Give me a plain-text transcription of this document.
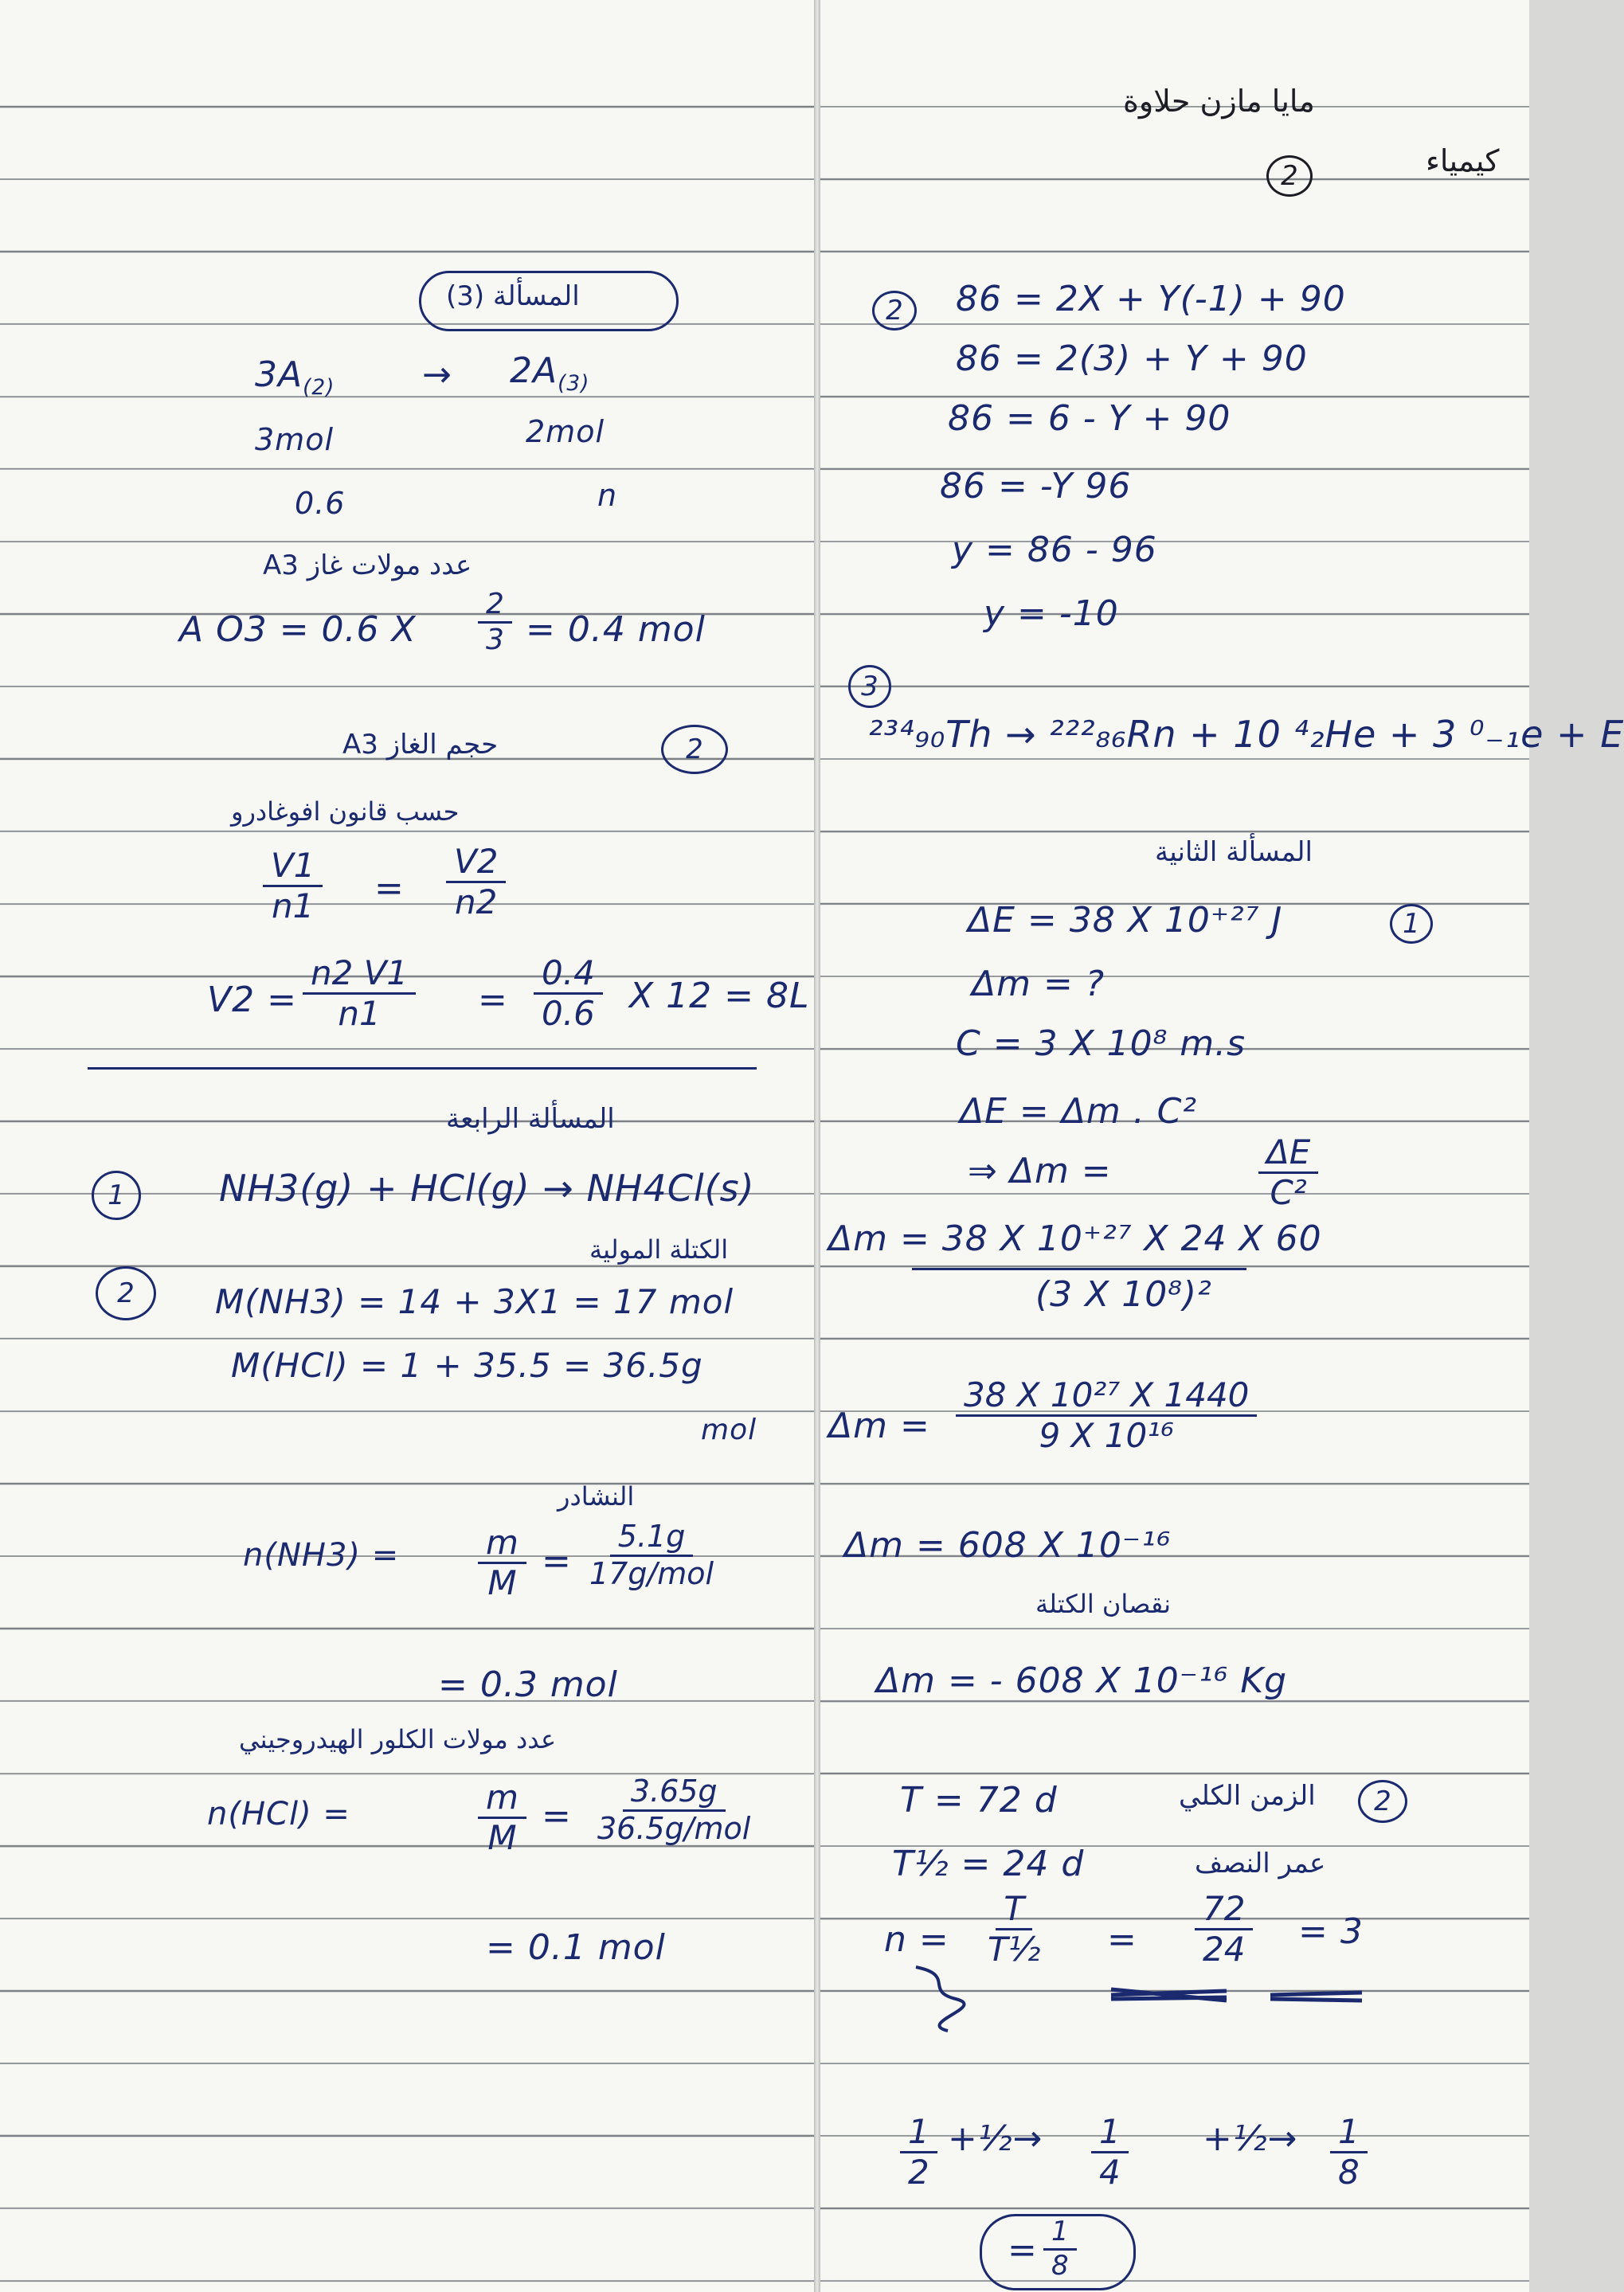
مايا مازن حلاوة
كيمياء
2
المسألة (3)
$3A_{(2)} \to 2A_{(3)}$
3mol	2mol
0.6	n
عدد مولات غاز A3
A O3 = 0.6 X $\frac{2}{3} = 0.4$ mol
حجم الغاز A3	2
حسب قانون افوغادرو
$\frac{V1}{n1} = \frac{V2}{n2}$
$V2 = \frac{n2 V1}{n1} = \frac{0.4}{0.6}$ X 12 = 8L
المسألة الرابعة
1	NH3(g) + HCl(g) → NH4Cl(s)
الكتلة المولية
2	M(NH3) = 14 + 3X1 = 17 mol
M(HCl) = 1 + 35.5 = 36.5g
mol
النشادر
$n(NH3) = \frac{m}{M}$ =
5.1g
17g/mol
= 0.3 mol
عدد مولات الكلور الهيدروجيني
n(HCl) =	$\frac{m}{M}$ =
3.65g
36.5g/mol
= 0.1 mol
2	86 = 2X + Y(-1) + 90
86 = 2(3) + Y + 90
86 = 6 - Y + 90
86 = -Y 96
y = 86 - 96
y = -10
3
²³⁴₉₀Th → ²²²₈₆Rn + 10 ⁴₂He + 3 ⁰₋₁e + E
المسألة الثانية
1
ΔE = 38 X 10⁺²⁷ J
Δm = ?
C = 3 X 10⁸ m.s
ΔE = Δm . C²
⇒ Δm =	$\frac{\Delta E}{\text{C²}}$
Δm = 38 X 10⁺²⁷ X 24 X 60
(3 X 10⁸)²
$\Delta m = \frac{\text{38 X 10²⁷ X 1440}}{\text{9 X 10¹⁶}}$
Δm = 608 X 10⁻¹⁶
نقصان الكتلة
Δm = - 608 X 10⁻¹⁶ Kg
2
الزمن الكلي
T = 72 d
عمر النصف
T½ = 24 d
$n = \frac{T}{\text{T½}} = \frac{72}{24} = 3$
$\frac{1}{2}$ +½→ $\frac{1}{4}$ +½→ $\frac{1}{8}$
= $\frac{1}{8}$
